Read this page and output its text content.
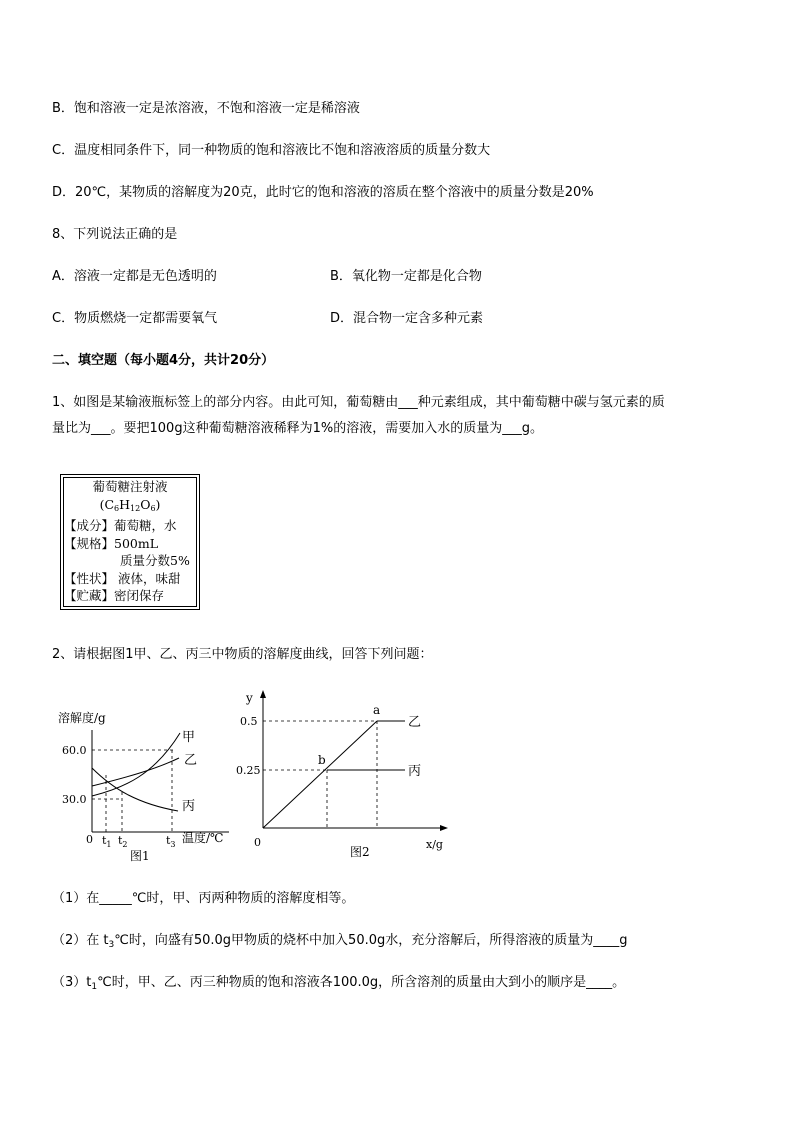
B．饱和溶液一定是浓溶液，不饱和溶液一定是稀溶液
C．温度相同条件下，同一种物质的饱和溶液比不饱和溶液溶质的质量分数大
D．20℃，某物质的溶解度为20克，此时它的饱和溶液的溶质在整个溶液中的质量分数是20%
8、下列说法正确的是
A．溶液一定都是无色透明的	B．氧化物一定都是化合物
C．物质燃烧一定都需要氧气	D．混合物一定含多种元素
二、填空题（每小题4分，共计20分）
1、如图是某输液瓶标签上的部分内容。由此可知，葡萄糖由___种元素组成，其中葡萄糖中碳与氢元素的质
量比为___。要把100g这种葡萄糖溶液稀释为1%的溶液，需要加入水的质量为___g。
葡萄糖注射液
$(C_6H_{12}O_6)$
【成分】葡萄糖，水
【规格】500mL
质量分数5%
【性状】 液体，味甜
【贮藏】密闭保存
2、请根据图1甲、乙、丙三中物质的溶解度曲线，回答下列问题：
溶解度/g
60.0
30.0
0
甲
乙
丙
$t_1$ $t_2$	$t_3$ 温度/℃
图1
y
0.5
0.25
0
a
b
乙
丙
x/g
图2
（1）在_____℃时，甲、丙两种物质的溶解度相等。
（2）在 $t_3℃$时，向盛有50.0g甲物质的烧杯中加入50.0g水，充分溶解后，所得溶液的质量为____g
$(3)t_1℃$时，甲、乙、丙三种物质的饱和溶液各100.0g，所含溶剂的质量由大到小的顺序是____。
